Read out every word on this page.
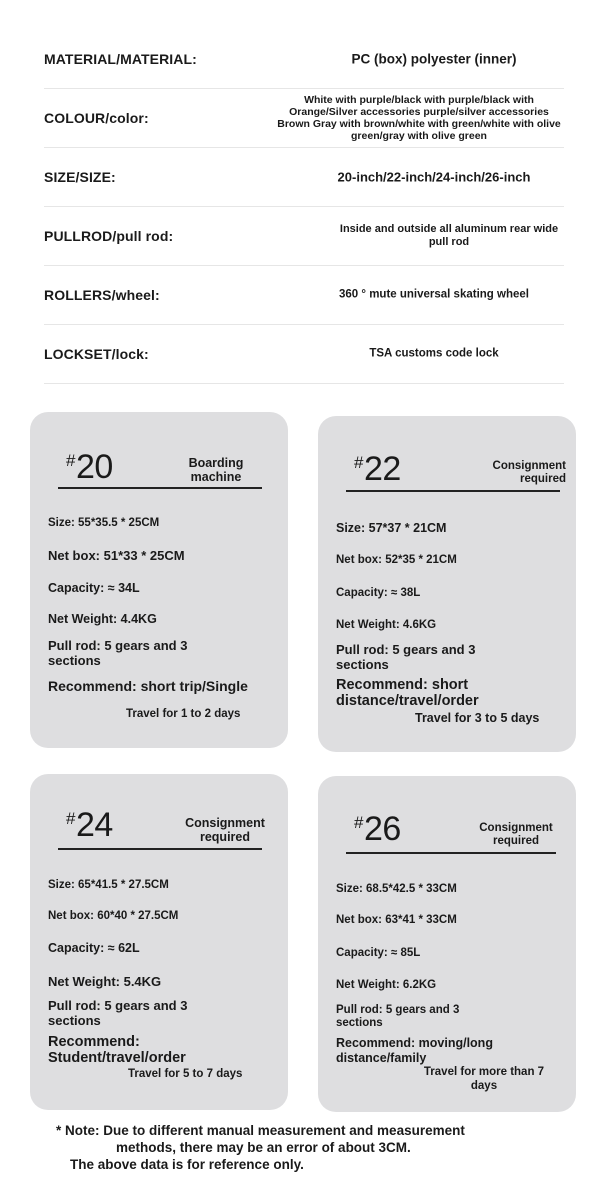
MATERIAL/MATERIAL:	PC (box) polyester (inner)
COLOUR/color:
White with purple/black with purple/black with Orange/Silver accessories purple/silver accessories Brown Gray with brown/white with green/white with olive green/gray with olive green
SIZE/SIZE:	20-inch/22-inch/24-inch/26-inch
PULLROD/pull rod:	Inside and outside all aluminum rear wide pull rod
ROLLERS/wheel:	360 ° mute universal skating wheel
LOCKSET/lock:	TSA customs code lock
#20	Boarding machine
Size: 55*35.5 * 25CM
Net box: 51*33 * 25CM
Capacity: ≈ 34L
Net Weight: 4.4KG
Pull rod: 5 gears and 3 sections
Recommend: short trip/Single
Travel for 1 to 2 days
#22	Consignment required
Size: 57*37 * 21CM
Net box: 52*35 * 21CM
Capacity: ≈ 38L
Net Weight: 4.6KG
Pull rod: 5 gears and 3 sections
Recommend: short distance/travel/order
Travel for 3 to 5 days
#24	Consignment required
Size: 65*41.5 * 27.5CM
Net box: 60*40 * 27.5CM
Capacity: ≈ 62L
Net Weight: 5.4KG
Pull rod: 5 gears and 3 sections
Recommend: Student/travel/order
Travel for 5 to 7 days
#26	Consignment required
Size: 68.5*42.5 * 33CM
Net box: 63*41 * 33CM
Capacity: ≈ 85L
Net Weight: 6.2KG
Pull rod: 5 gears and 3 sections
Recommend: moving/long distance/family
Travel for more than 7 days
* Note: Due to different manual measurement and measurement
methods, there may be an error of about 3CM.
The above data is for reference only.
